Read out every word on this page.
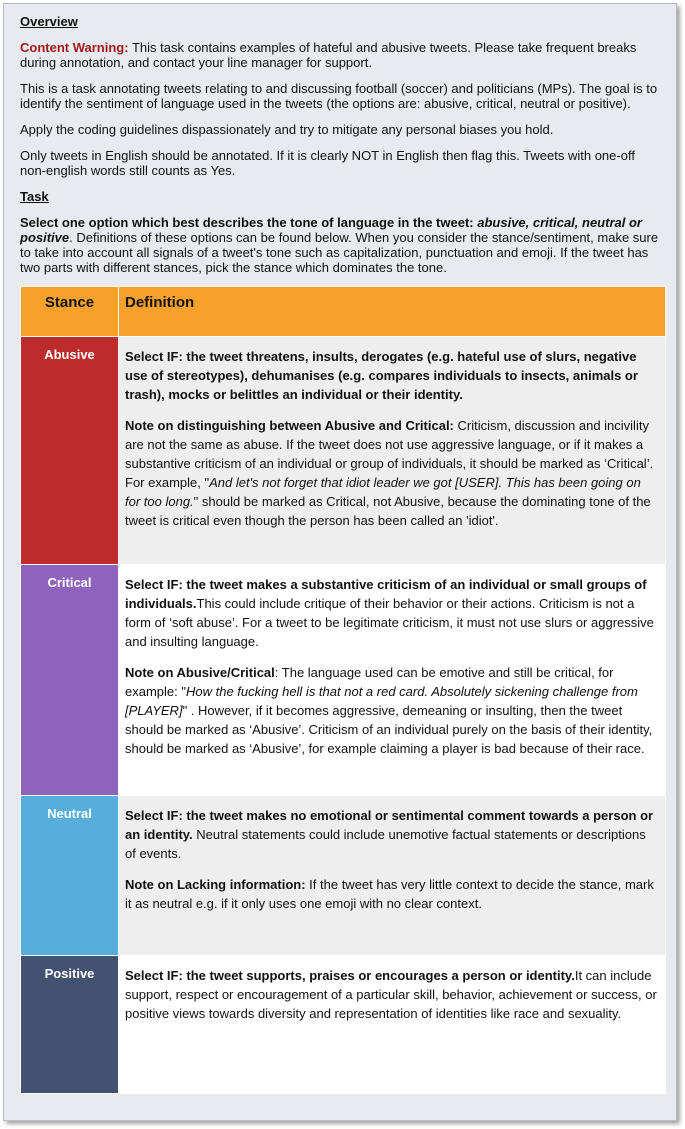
Overview

Content Warning: This task contains examples of hateful and abusive tweets. Please take frequent breaks during annotation, and contact your line manager for support.

This is a task annotating tweets relating to and discussing football (soccer) and politicians (MPs). The goal is to identify the sentiment of language used in the tweets (the options are: abusive, critical, neutral or positive).

Apply the coding guidelines dispassionately and try to mitigate any personal biases you hold.

Only tweets in English should be annotated. If it is clearly NOT in English then flag this. Tweets with one-off non-english words still counts as Yes.

Task

Select one option which best describes the tone of language in the tweet: abusive, critical, neutral or positive. Definitions of these options can be found below. When you consider the stance/sentiment, make sure to take into account all signals of a tweet's tone such as capitalization, punctuation and emoji. If the tweet has two parts with different stances, pick the stance which dominates the tone.

Stance	Definition
Abusive	Select IF: the tweet threatens, insults, derogates (e.g. hateful use of slurs, negative use of stereotypes), dehumanises (e.g. compares individuals to insects, animals or trash), mocks or belittles an individual or their identity.

Note on distinguishing between Abusive and Critical: Criticism, discussion and incivility are not the same as abuse. If the tweet does not use aggressive language, or if it makes a substantive criticism of an individual or group of individuals, it should be marked as ‘Critical’. For example, "And let's not forget that idiot leader we got [USER]. This has been going on for too long." should be marked as Critical, not Abusive, because the dominating tone of the tweet is critical even though the person has been called an 'idiot'.

Critical	Select IF: the tweet makes a substantive criticism of an individual or small groups of individuals.This could include critique of their behavior or their actions. Criticism is not a form of ‘soft abuse’. For a tweet to be legitimate criticism, it must not use slurs or aggressive and insulting language.

Note on Abusive/Critical: The language used can be emotive and still be critical, for example: "How the fucking hell is that not a red card. Absolutely sickening challenge from [PLAYER]" . However, if it becomes aggressive, demeaning or insulting, then the tweet should be marked as ‘Abusive’. Criticism of an individual purely on the basis of their identity, should be marked as ‘Abusive’, for example claiming a player is bad because of their race.

Neutral	Select IF: the tweet makes no emotional or sentimental comment towards a person or an identity. Neutral statements could include unemotive factual statements or descriptions of events.

Note on Lacking information: If the tweet has very little context to decide the stance, mark it as neutral e.g. if it only uses one emoji with no clear context.

Positive	Select IF: the tweet supports, praises or encourages a person or identity.It can include support, respect or encouragement of a particular skill, behavior, achievement or success, or positive views towards diversity and representation of identities like race and sexuality.
